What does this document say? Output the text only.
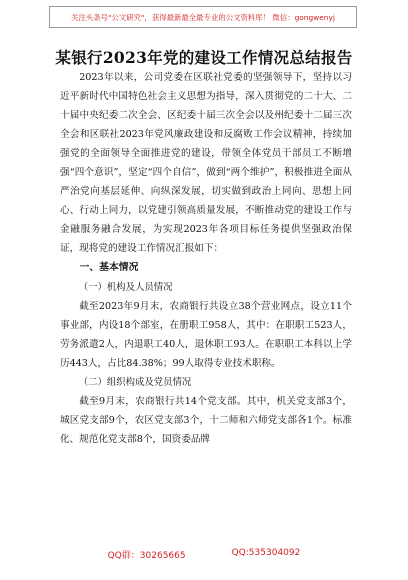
关注头条号"公文研究"，获得最新最全最专业的公文资料库！ 微信：gongwenyj
某银行2023年党的建设工作情况总结报告

2023年以来，公司党委在区联社党委的坚强领导下，坚持以习近平新时代中国特色社会主义思想为指导，深入贯彻党的二十大、二十届中央纪委二次全会、区纪委十届三次全会以及州纪委十二届三次全会和区联社2023年党风廉政建设和反腐败工作会议精神，持续加强党的全面领导全面推进党的建设，带领全体党员干部员工不断增强“四个意识”，坚定“四个自信”，做到“两个维护”，积极推进全面从严治党向基层延伸、向纵深发展，切实做到政治上同向、思想上同心、行动上同力，以党建引领高质量发展，不断推动党的建设工作与金融服务融合发展，为实现2023年各项目标任务提供坚强政治保证，现将党的建设工作情况汇报如下：

一、基本情况

（一）机构及人员情况

截至2023年9月末，农商银行共设立38个营业网点，设立11个事业部，内设18个部室，在册职工958人，其中：在职职工523人，劳务派遣2人，内退职工40人，退休职工93人。在职职工本科以上学历443人，占比84.38%；99人取得专业技术职称。

（二）组织构成及党员情况

截至9月末，农商银行共14个党支部。其中，机关党支部3个，城区党支部9个，农区党支部3个，十二师和六师党支部各1个。标准化、规范化党支部8个，国资委品牌

QQ群：30265665	QQ:535304092
